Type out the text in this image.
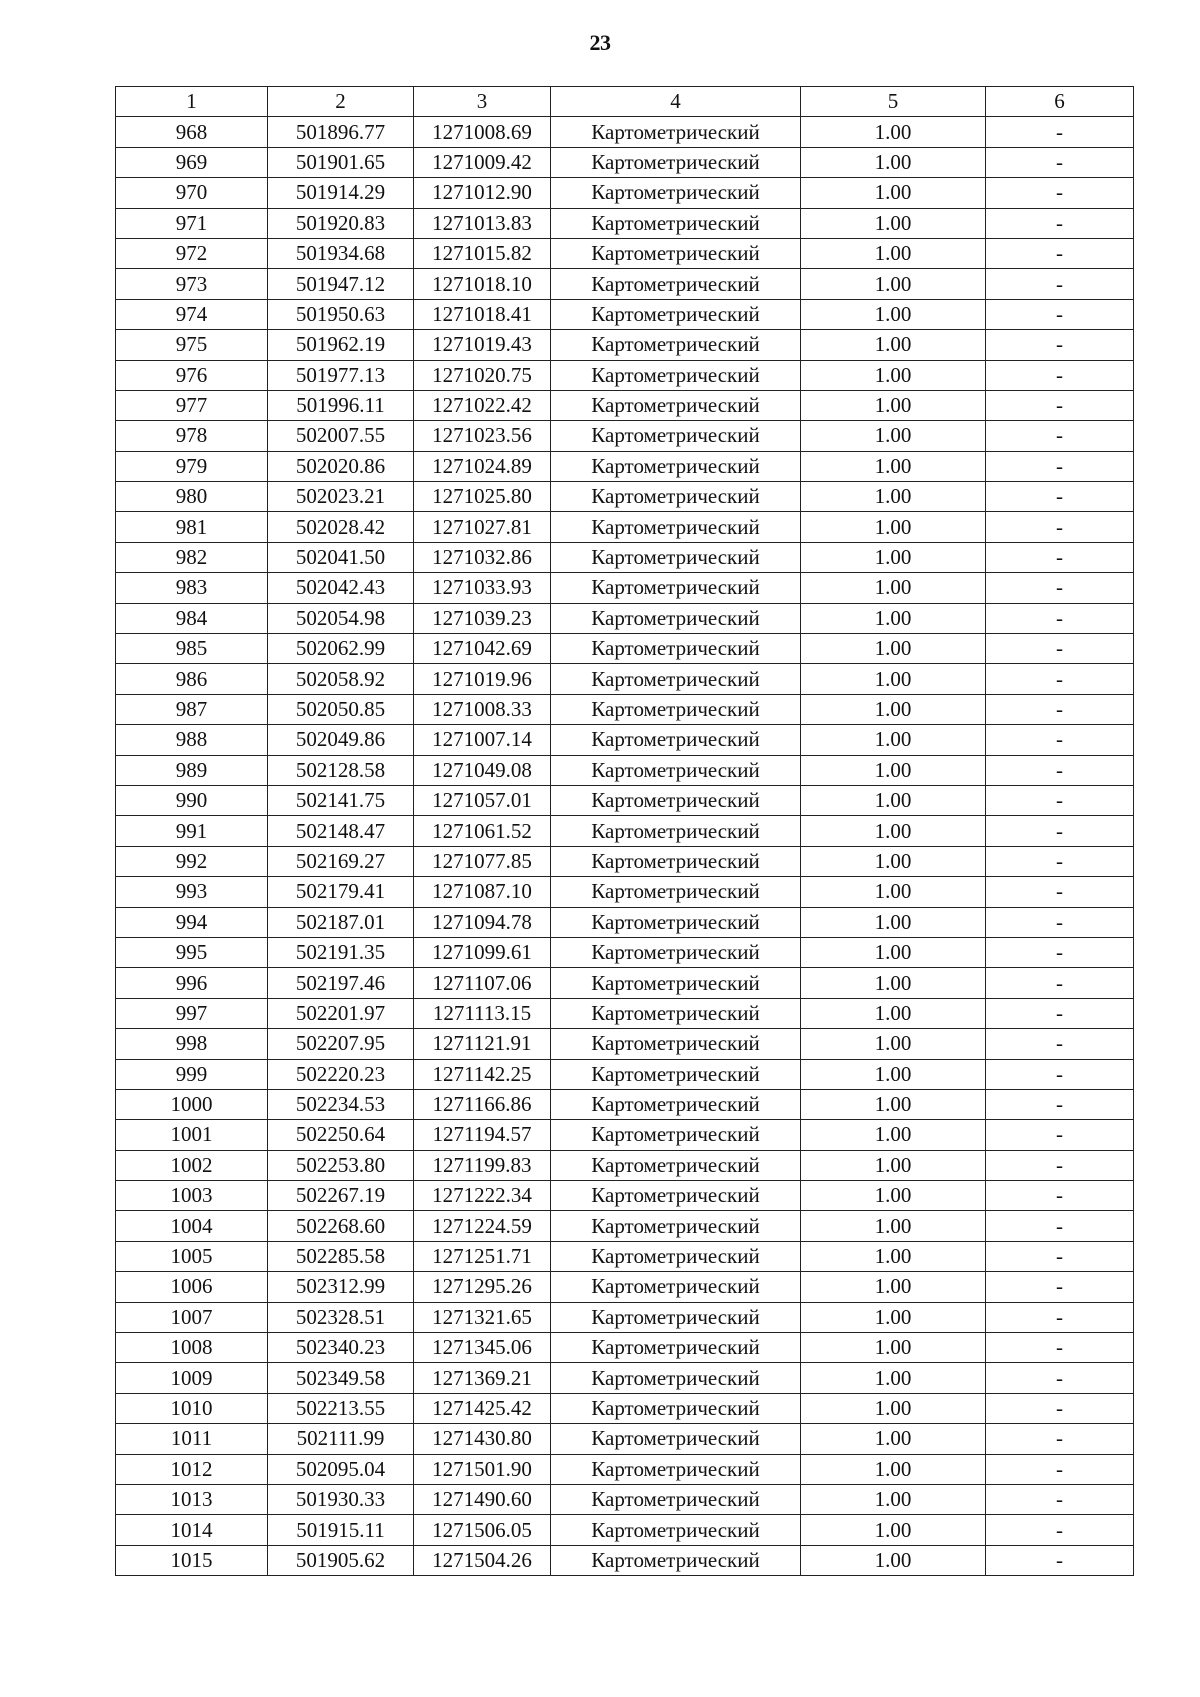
23
1	2	3	4	5	6
968	501896.77	1271008.69	Картометрический	1.00	-
969	501901.65	1271009.42	Картометрический	1.00	-
970	501914.29	1271012.90	Картометрический	1.00	-
971	501920.83	1271013.83	Картометрический	1.00	-
972	501934.68	1271015.82	Картометрический	1.00	-
973	501947.12	1271018.10	Картометрический	1.00	-
974	501950.63	1271018.41	Картометрический	1.00	-
975	501962.19	1271019.43	Картометрический	1.00	-
976	501977.13	1271020.75	Картометрический	1.00	-
977	501996.11	1271022.42	Картометрический	1.00	-
978	502007.55	1271023.56	Картометрический	1.00	-
979	502020.86	1271024.89	Картометрический	1.00	-
980	502023.21	1271025.80	Картометрический	1.00	-
981	502028.42	1271027.81	Картометрический	1.00	-
982	502041.50	1271032.86	Картометрический	1.00	-
983	502042.43	1271033.93	Картометрический	1.00	-
984	502054.98	1271039.23	Картометрический	1.00	-
985	502062.99	1271042.69	Картометрический	1.00	-
986	502058.92	1271019.96	Картометрический	1.00	-
987	502050.85	1271008.33	Картометрический	1.00	-
988	502049.86	1271007.14	Картометрический	1.00	-
989	502128.58	1271049.08	Картометрический	1.00	-
990	502141.75	1271057.01	Картометрический	1.00	-
991	502148.47	1271061.52	Картометрический	1.00	-
992	502169.27	1271077.85	Картометрический	1.00	-
993	502179.41	1271087.10	Картометрический	1.00	-
994	502187.01	1271094.78	Картометрический	1.00	-
995	502191.35	1271099.61	Картометрический	1.00	-
996	502197.46	1271107.06	Картометрический	1.00	-
997	502201.97	1271113.15	Картометрический	1.00	-
998	502207.95	1271121.91	Картометрический	1.00	-
999	502220.23	1271142.25	Картометрический	1.00	-
1000	502234.53	1271166.86	Картометрический	1.00	-
1001	502250.64	1271194.57	Картометрический	1.00	-
1002	502253.80	1271199.83	Картометрический	1.00	-
1003	502267.19	1271222.34	Картометрический	1.00	-
1004	502268.60	1271224.59	Картометрический	1.00	-
1005	502285.58	1271251.71	Картометрический	1.00	-
1006	502312.99	1271295.26	Картометрический	1.00	-
1007	502328.51	1271321.65	Картометрический	1.00	-
1008	502340.23	1271345.06	Картометрический	1.00	-
1009	502349.58	1271369.21	Картометрический	1.00	-
1010	502213.55	1271425.42	Картометрический	1.00	-
1011	502111.99	1271430.80	Картометрический	1.00	-
1012	502095.04	1271501.90	Картометрический	1.00	-
1013	501930.33	1271490.60	Картометрический	1.00	-
1014	501915.11	1271506.05	Картометрический	1.00	-
1015	501905.62	1271504.26	Картометрический	1.00	-
